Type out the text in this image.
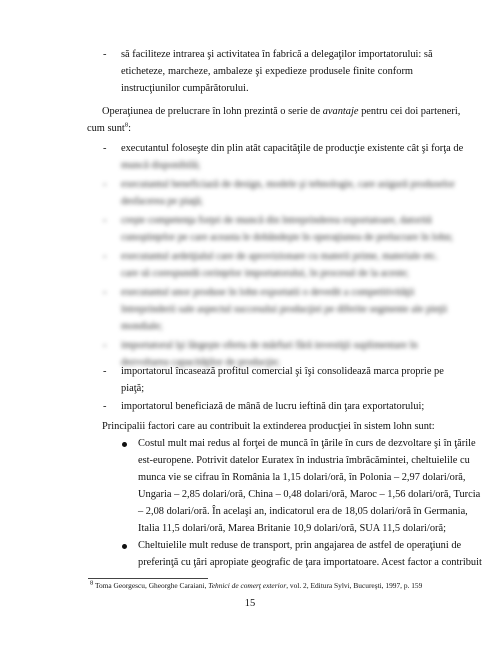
- să faciliteze intrarea şi activitatea în fabrică a delegaţilor importatorului: să
eticheteze, marcheze, ambaleze şi expedieze produsele finite conform
instrucţiunilor cumpărătorului.
Operaţiunea de prelucrare în lohn prezintă o serie de avantaje pentru cei doi parteneri,
cum sunt$^8$:
- executantul foloseşte din plin atât capacităţile de producţie existente cât şi forţa de
muncă disponibilă;
- executantul beneficiază de design, modele şi tehnologie, care asigură produselor
desfacerea pe piaţă;
- creşte competenţa forţei de muncă din întreprinderea exportatoare, datorită
cunoştinţelor pe care aceasta le dobândeşte în operaţiunea de prelucrare în lohn;
- executantul ardeiţialul care de aprovizionare cu materii prime, materiale etc.
care să corespundă cerinţelor importatorului, în procesul de la aceste;
- executantul unor produse în lohn exportatii o devedit a competitivităţii
întreprinderii sale aspectul succesului producţiei pe diferite segmente ale pieţii
mondiale;
- importatorul îşi lărgeşte oferta de mărfuri fără investiţii suplimentare în
dezvoltarea capacităţilor de producţie;
- importatorul încasează profitul comercial şi îşi consolidează marca proprie pe
piaţă;
- importatorul beneficiază de mână de lucru ieftină din ţara exportatorului;
Principalii factori care au contribuit la extinderea producţiei în sistem lohn sunt:
Costul mult mai redus al forţei de muncă în ţările în curs de dezvoltare şi în ţările
est-europene. Potrivit datelor Euratex în industria îmbrăcămintei, cheltuielile cu
munca vie se cifrau în România la 1,15 dolari/oră, în Polonia – 2,97 dolari/oră,
Ungaria – 2,85 dolari/oră, China – 0,48 dolari/oră, Maroc – 1,56 dolari/oră, Turcia
– 2,08 dolari/oră. În acelaşi an, indicatorul era de 18,05 dolari/oră în Germania,
Italia 11,5 dolari/oră, Marea Britanie 10,9 dolari/oră, SUA 11,5 dolari/oră;
Cheltuielile mult reduse de transport, prin angajarea de astfel de operaţiuni de
preferinţă cu ţări apropiate geografic de ţara importatoare. Acest factor a contribuit
$^8$ Toma Georgescu, Gheorghe Caraiani, Tehnici de comerţ exterior, vol. 2, Editura Sylvi, Bucureşti, 1997, p. 159
15
